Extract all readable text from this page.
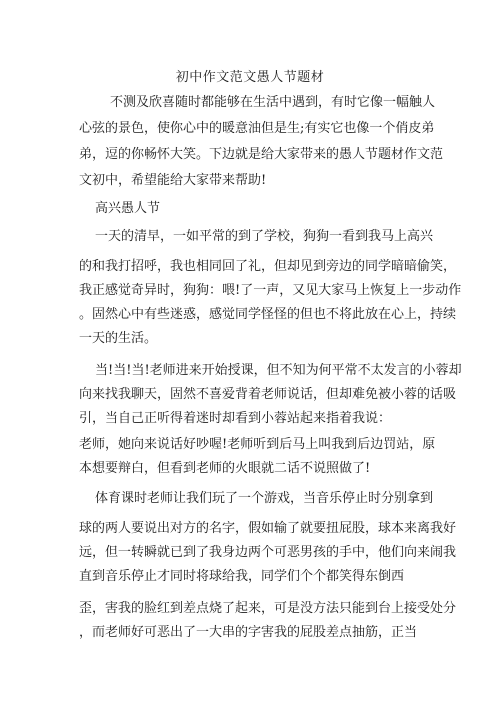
初中作文范文愚人节题材
不测及欣喜随时都能够在生活中遇到，有时它像一幅触人
心弦的景色，使你心中的暖意油但是生;有实它也像一个俏皮弟
弟，逗的你畅怀大笑。下边就是给大家带来的愚人节题材作文范
文初中，希望能给大家带来帮助!
高兴愚人节
一天的清早，一如平常的到了学校，狗狗一看到我马上高兴
的和我打招呼，我也相同回了礼，但却见到旁边的同学暗暗偷笑，
我正感觉奇异时，狗狗：喂!了一声，又见大家马上恢复上一步动作
。固然心中有些迷惑，感觉同学怪怪的但也不将此放在心上，持续
一天的生活。
当!当!当!老师进来开始授课，但不知为何平常不太发言的小蓉却
向来找我聊天，固然不喜爱背着老师说话，但却难免被小蓉的话吸
引，当自己正听得着迷时却看到小蓉站起来指着我说：
老师，她向来说话好吵喔!老师听到后马上叫我到后边罚站，原
本想要辩白，但看到老师的火眼就二话不说照做了!
体育课时老师让我们玩了一个游戏，当音乐停止时分别拿到
球的两人要说出对方的名字，假如输了就要扭屁股，球本来离我好
远，但一转瞬就已到了我身边两个可恶男孩的手中，他们向来闹我
直到音乐停止才同时将球给我，同学们个个都笑得东倒西
歪，害我的脸红到差点烧了起来，可是没方法只能到台上接受处分
，而老师好可恶出了一大串的字害我的屁股差点抽筋，正当
